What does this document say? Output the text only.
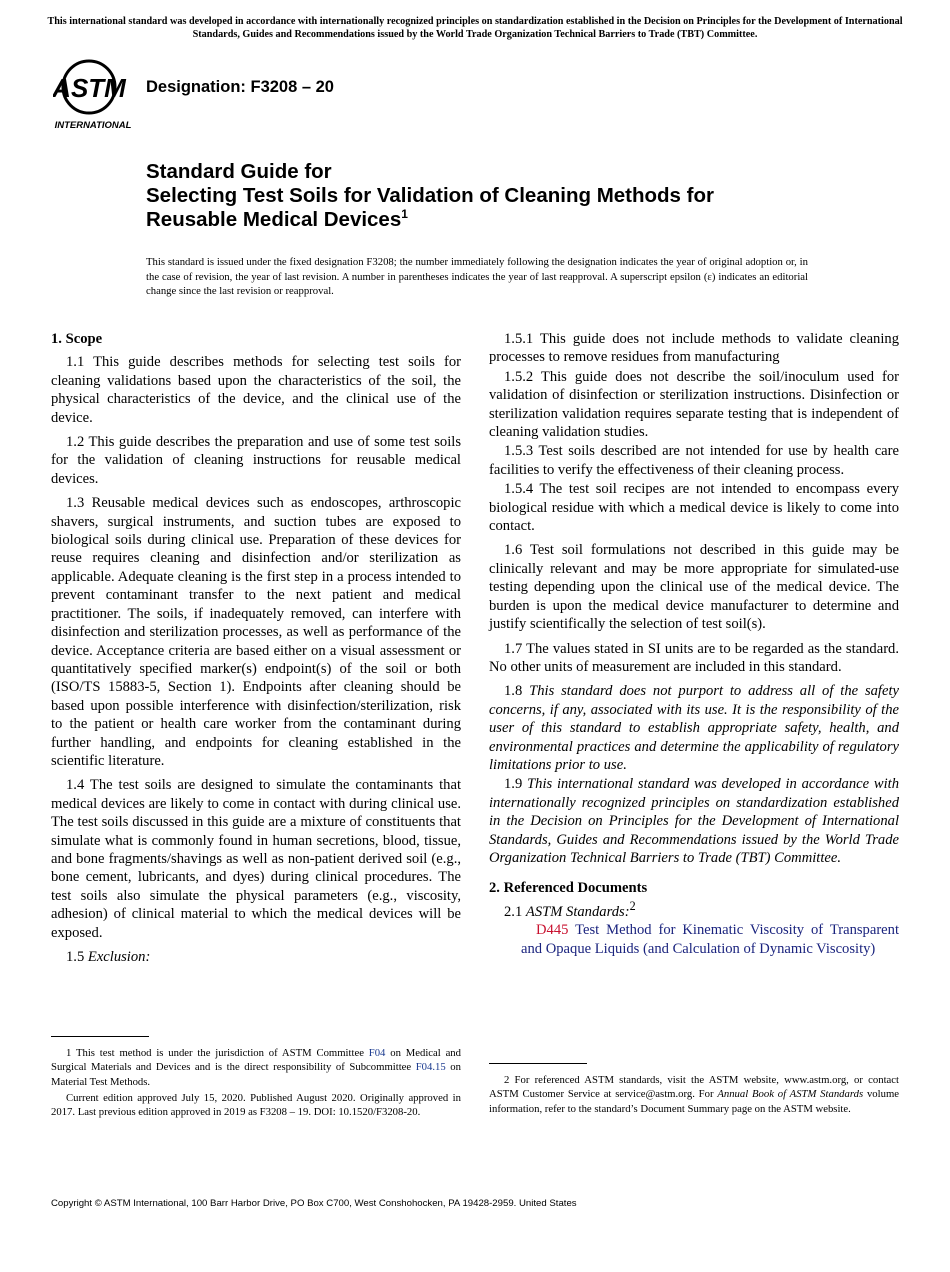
This international standard was developed in accordance with internationally recognized principles on standardization established in the Decision on Principles for the Development of International Standards, Guides and Recommendations issued by the World Trade Organization Technical Barriers to Trade (TBT) Committee.
ASTM
INTERNATIONAL
Designation: F3208 – 20
Standard Guide for
Selecting Test Soils for Validation of Cleaning Methods for
Reusable Medical Devices$^1$
This standard is issued under the fixed designation F3208; the number immediately following the designation indicates the year of original adoption or, in the case of revision, the year of last revision. A number in parentheses indicates the year of last reapproval. A superscript epsilon (ε) indicates an editorial change since the last revision or reapproval.
1. Scope

1.1 This guide describes methods for selecting test soils for cleaning validations based upon the characteristics of the soil, the physical characteristics of the device, and the clinical use of the device.

1.2 This guide describes the preparation and use of some test soils for the validation of cleaning instructions for reusable medical devices.

1.3 Reusable medical devices such as endoscopes, arthroscopic shavers, surgical instruments, and suction tubes are exposed to biological soils during clinical use. Preparation of these devices for reuse requires cleaning and disinfection and/or sterilization as applicable. Adequate cleaning is the first step in a process intended to prevent contaminant transfer to the next patient and medical practitioner. The soils, if inadequately removed, can interfere with disinfection and sterilization processes, as well as performance of the device. Acceptance criteria are based either on a visual assessment or quantitatively specified marker(s) endpoint(s) of the soil or both (ISO/TS 15883-5, Section 1). Endpoints after cleaning should be based upon possible interference with disinfection/sterilization, risk to the patient or health care worker from the contaminant during further handling, and endpoints for cleaning established in the scientific literature.

1.4 The test soils are designed to simulate the contaminants that medical devices are likely to come in contact with during clinical use. The test soils discussed in this guide are a mixture of constituents that simulate what is commonly found in human secretions, blood, tissue, and bone fragments/shavings as well as non-patient derived soil (e.g., bone cement, lubricants, and dyes) during clinical procedures. The test soils also simulate the physical parameters (e.g., viscosity, adhesion) of clinical material to which the medical devices will be exposed.

1.5 Exclusion:

1.5.1 This guide does not include methods to validate cleaning processes to remove residues from manufacturing

1.5.2 This guide does not describe the soil/inoculum used for validation of disinfection or sterilization instructions. Disinfection or sterilization validation requires separate testing that is independent of cleaning validation studies.

1.5.3 Test soils described are not intended for use by health care facilities to verify the effectiveness of their cleaning process.

1.5.4 The test soil recipes are not intended to encompass every biological residue with which a medical device is likely to come into contact.

1.6 Test soil formulations not described in this guide may be clinically relevant and may be more appropriate for simulated-use testing depending upon the clinical use of the medical device. The burden is upon the medical device manufacturer to determine and justify scientifically the selection of test soil(s).

1.7 The values stated in SI units are to be regarded as the standard. No other units of measurement are included in this standard.

1.8 This standard does not purport to address all of the safety concerns, if any, associated with its use. It is the responsibility of the user of this standard to establish appropriate safety, health, and environmental practices and determine the applicability of regulatory limitations prior to use.

1.9 This international standard was developed in accordance with internationally recognized principles on standardization established in the Decision on Principles for the Development of International Standards, Guides and Recommendations issued by the World Trade Organization Technical Barriers to Trade (TBT) Committee.

2. Referenced Documents

2.1 ASTM Standards:$^2$

D445 Test Method for Kinematic Viscosity of Transparent and Opaque Liquids (and Calculation of Dynamic Viscosity)

1 This test method is under the jurisdiction of ASTM Committee F04 on Medical and Surgical Materials and Devices and is the direct responsibility of Subcommittee F04.15 on Material Test Methods.

Current edition approved July 15, 2020. Published August 2020. Originally approved in 2017. Last previous edition approved in 2019 as F3208 – 19. DOI: 10.1520/F3208-20.

2 For referenced ASTM standards, visit the ASTM website, www.astm.org, or contact ASTM Customer Service at service@astm.org. For Annual Book of ASTM Standards volume information, refer to the standard’s Document Summary page on the ASTM website.

Copyright © ASTM International, 100 Barr Harbor Drive, PO Box C700, West Conshohocken, PA 19428-2959. United States
